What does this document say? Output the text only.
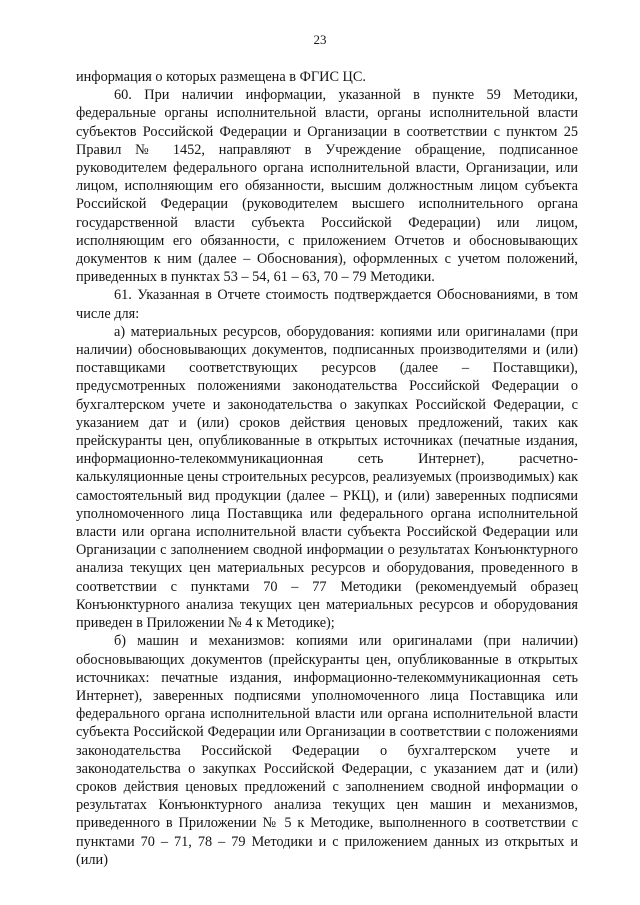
23

информация о которых размещена в ФГИС ЦС.

60. При наличии информации, указанной в пункте 59 Методики, федеральные органы исполнительной власти, органы исполнительной власти субъектов Российской Федерации и Организации в соответствии с пунктом 25 Правил № 1452, направляют в Учреждение обращение, подписанное руководителем федерального органа исполнительной власти, Организации, или лицом, исполняющим его обязанности, высшим должностным лицом субъекта Российской Федерации (руководителем высшего исполнительного органа государственной власти субъекта Российской Федерации) или лицом, исполняющим его обязанности, с приложением Отчетов и обосновывающих документов к ним (далее – Обоснования), оформленных с учетом положений, приведенных в пунктах 53 – 54, 61 – 63, 70 – 79 Методики.

61. Указанная в Отчете стоимость подтверждается Обоснованиями, в том числе для:

а) материальных ресурсов, оборудования: копиями или оригиналами (при наличии) обосновывающих документов, подписанных производителями и (или) поставщиками соответствующих ресурсов (далее – Поставщики), предусмотренных положениями законодательства Российской Федерации о бухгалтерском учете и законодательства о закупках Российской Федерации, с указанием дат и (или) сроков действия ценовых предложений, таких как прейскуранты цен, опубликованные в открытых источниках (печатные издания, информационно-телекоммуникационная сеть Интернет), расчетно-калькуляционные цены строительных ресурсов, реализуемых (производимых) как самостоятельный вид продукции (далее – РКЦ), и (или) заверенных подписями уполномоченного лица Поставщика или федерального органа исполнительной власти или органа исполнительной власти субъекта Российской Федерации или Организации с заполнением сводной информации о результатах Конъюнктурного анализа текущих цен материальных ресурсов и оборудования, проведенного в соответствии с пунктами 70 – 77 Методики (рекомендуемый образец Конъюнктурного анализа текущих цен материальных ресурсов и оборудования приведен в Приложении № 4 к Методике);

б) машин и механизмов: копиями или оригиналами (при наличии) обосновывающих документов (прейскуранты цен, опубликованные в открытых источниках: печатные издания, информационно-телекоммуникационная сеть Интернет), заверенных подписями уполномоченного лица Поставщика или федерального органа исполнительной власти или органа исполнительной власти субъекта Российской Федерации или Организации в соответствии с положениями законодательства Российской Федерации о бухгалтерском учете и законодательства о закупках Российской Федерации, с указанием дат и (или) сроков действия ценовых предложений с заполнением сводной информации о результатах Конъюнктурного анализа текущих цен машин и механизмов, приведенного в Приложении № 5 к Методике, выполненного в соответствии с пунктами 70 – 71, 78 – 79 Методики и с приложением данных из открытых и (или)
